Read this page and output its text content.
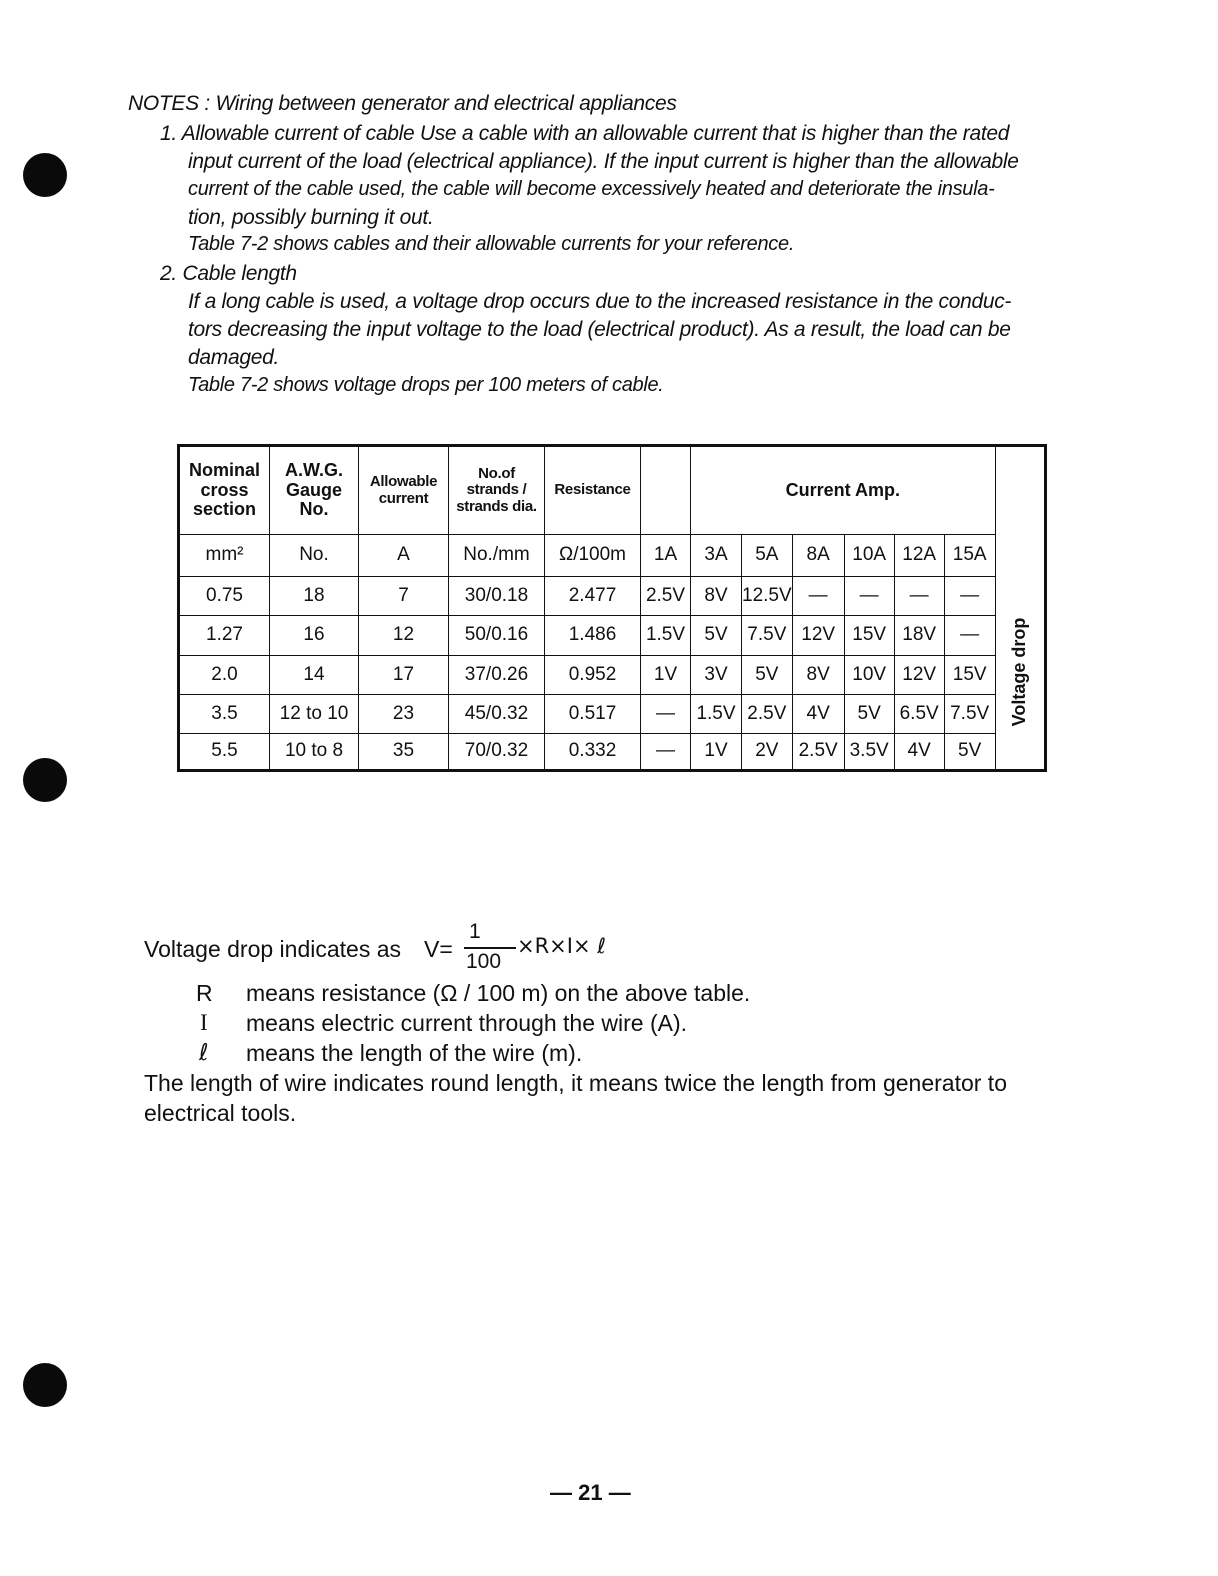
NOTES : Wiring between generator and electrical appliances
1. Allowable current of cable Use a cable with an allowable current that is higher than the rated
input current of the load (electrical appliance). If the input current is higher than the allowable
current of the cable used, the cable will become excessively heated and deteriorate the insula-
tion, possibly burning it out.
Table 7-2 shows cables and their allowable currents for your reference.
2. Cable length
If a long cable is used, a voltage drop occurs due to the increased resistance in the conduc-
tors decreasing the input voltage to the load (electrical product). As a result, the load can be
damaged.
Table 7-2 shows voltage drops per 100 meters of cable.
Nominal cross section	A.W.G. Gauge No.	Allowable current	No.of strands / strands dia.	Resistance		Current Amp.						Voltage drop

mm²	No.	A	No./mm	Ω/100m	1A	3A	5A	8A	10A	12A	15A	
0.75	18	7	30/0.18	2.477	2.5V	8V	12.5V	—	—	—	—	
1.27	16	12	50/0.16	1.486	1.5V	5V	7.5V	12V	15V	18V	—	
2.0	14	17	37/0.26	0.952	1V	3V	5V	8V	10V	12V	15V	
3.5	12 to 10	23	45/0.32	0.517	—	1.5V	2.5V	4V	5V	6.5V	7.5V	
5.5	10 to 8	35	70/0.32	0.332	—	1V	2V	2.5V	3.5V	4V	5V	
Voltage drop indicates as V=
1
100
×R×I× ℓ
R means resistance (Ω / 100 m) on the above table.
I means electric current through the wire (A).
ℓ means the length of the wire (m).
The length of wire indicates round length, it means twice the length from generator to
electrical tools.
— 21 —
